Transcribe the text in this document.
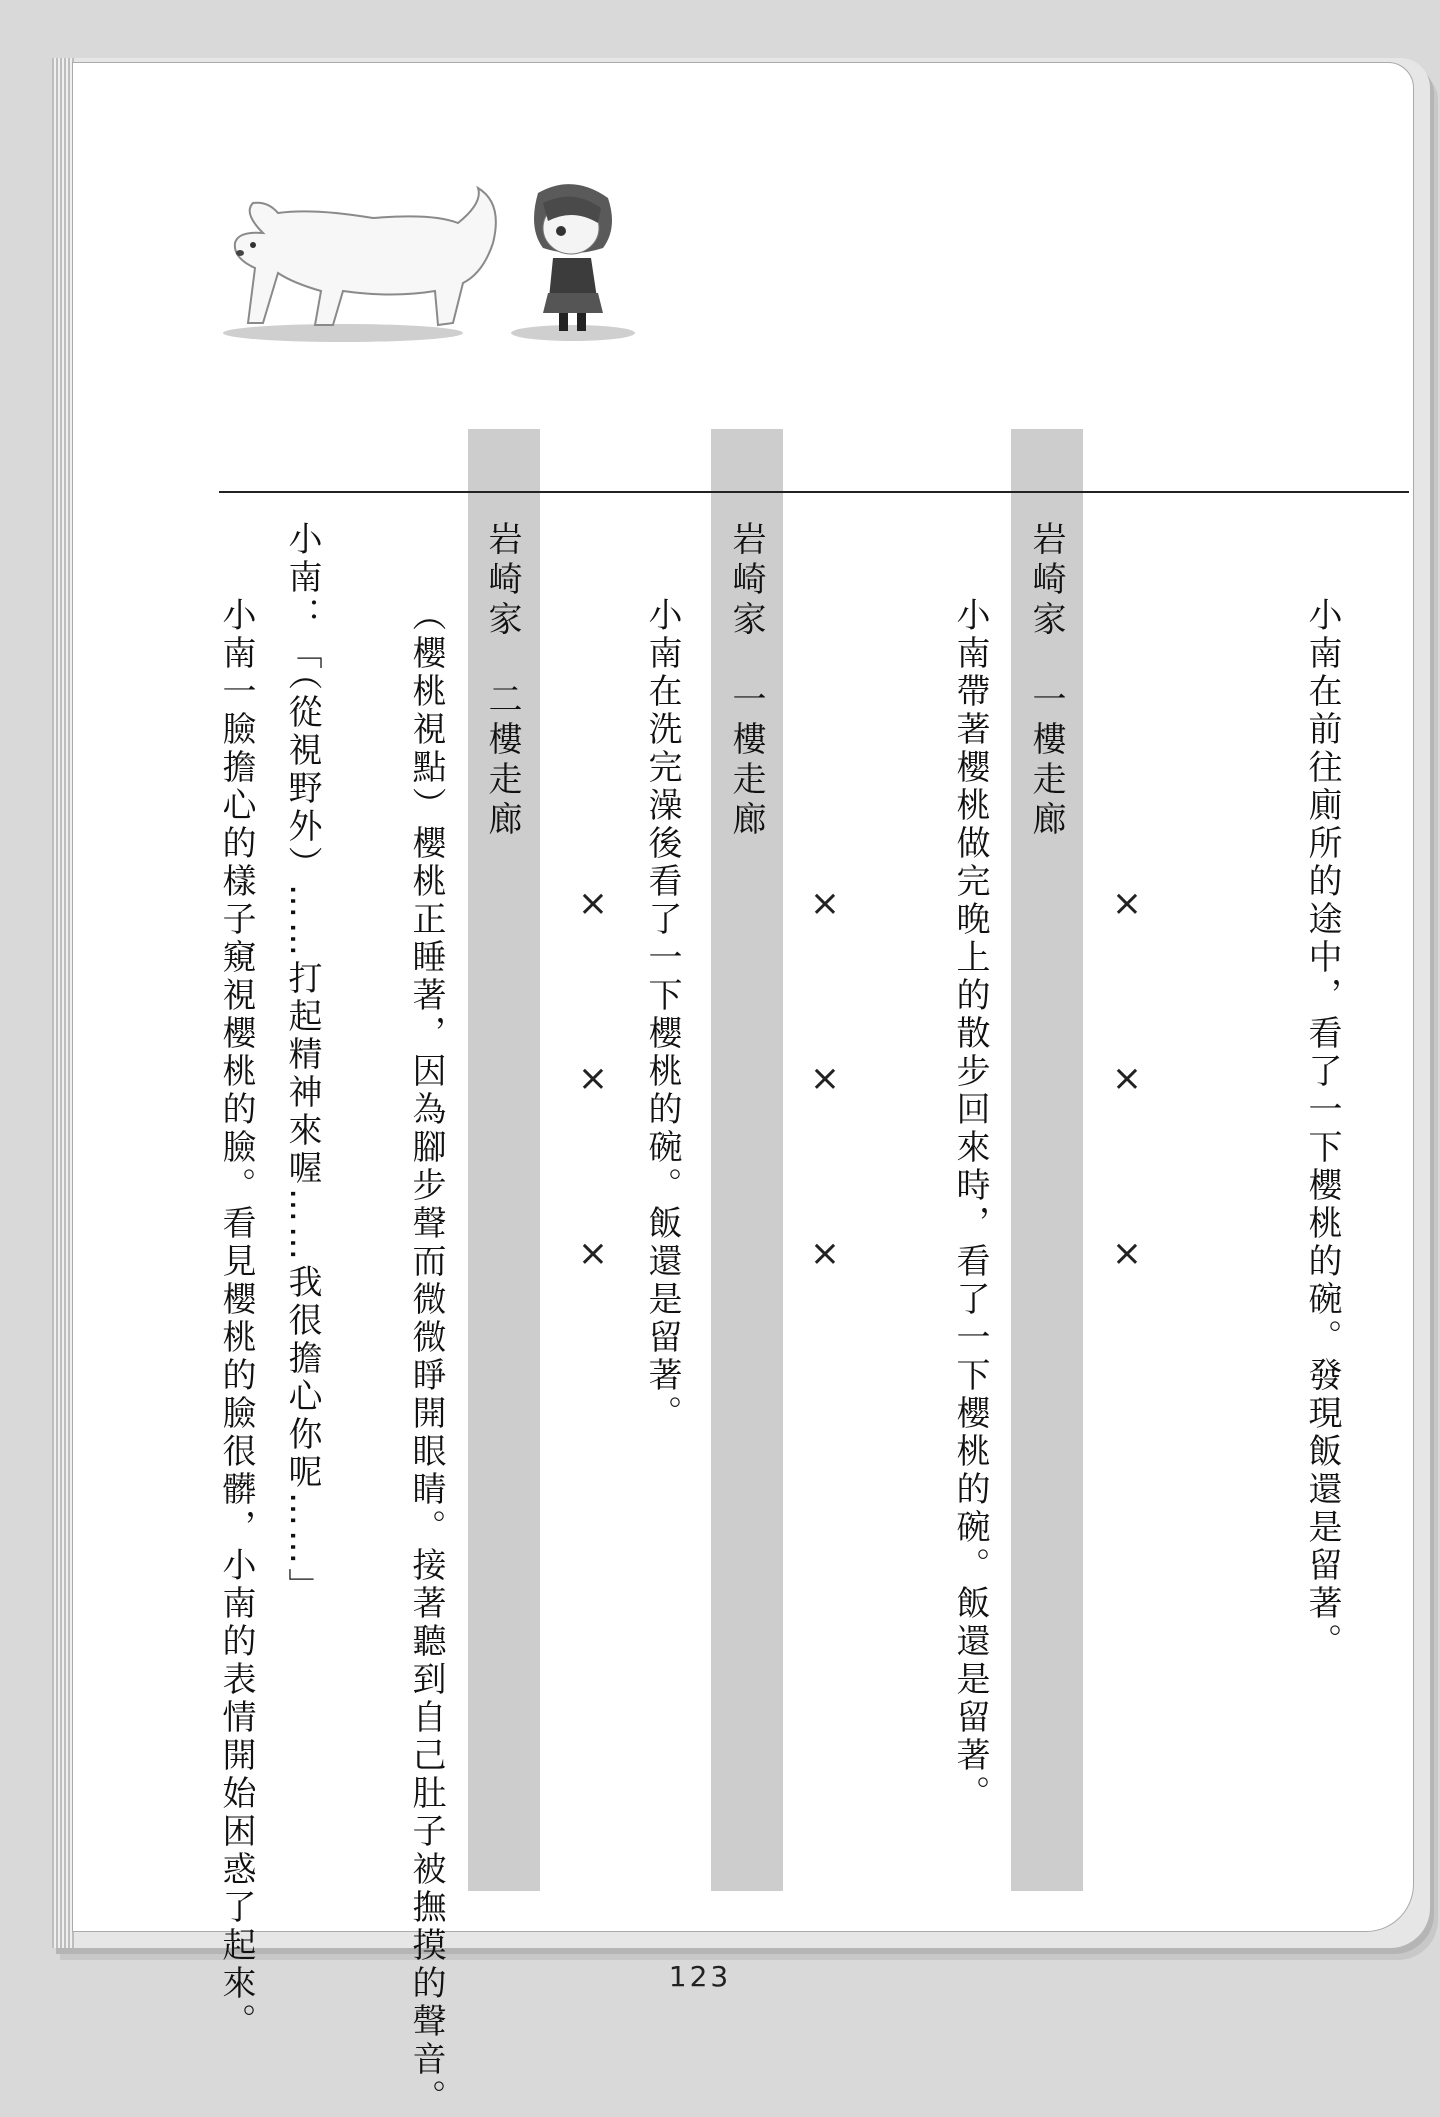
小南在前往廁所的途中，看了一下櫻桃的碗。發現飯還是留著。
×
×
×
岩崎家　一樓走廊
小南帶著櫻桃做完晚上的散步回來時，看了一下櫻桃的碗。飯還是留著。
×
×
×
岩崎家　一樓走廊
小南在洗完澡後看了一下櫻桃的碗。飯還是留著。
×
×
×
岩崎家　二樓走廊
（櫻桃視點）櫻桃正睡著，因為腳步聲而微微睜開眼睛。接著聽到自己肚子被撫摸的聲音。
小南：「（從視野外）……打起精神來喔……我很擔心你呢……」
小南一臉擔心的樣子窺視櫻桃的臉。看見櫻桃的臉很髒，小南的表情開始困惑了起來。	123
